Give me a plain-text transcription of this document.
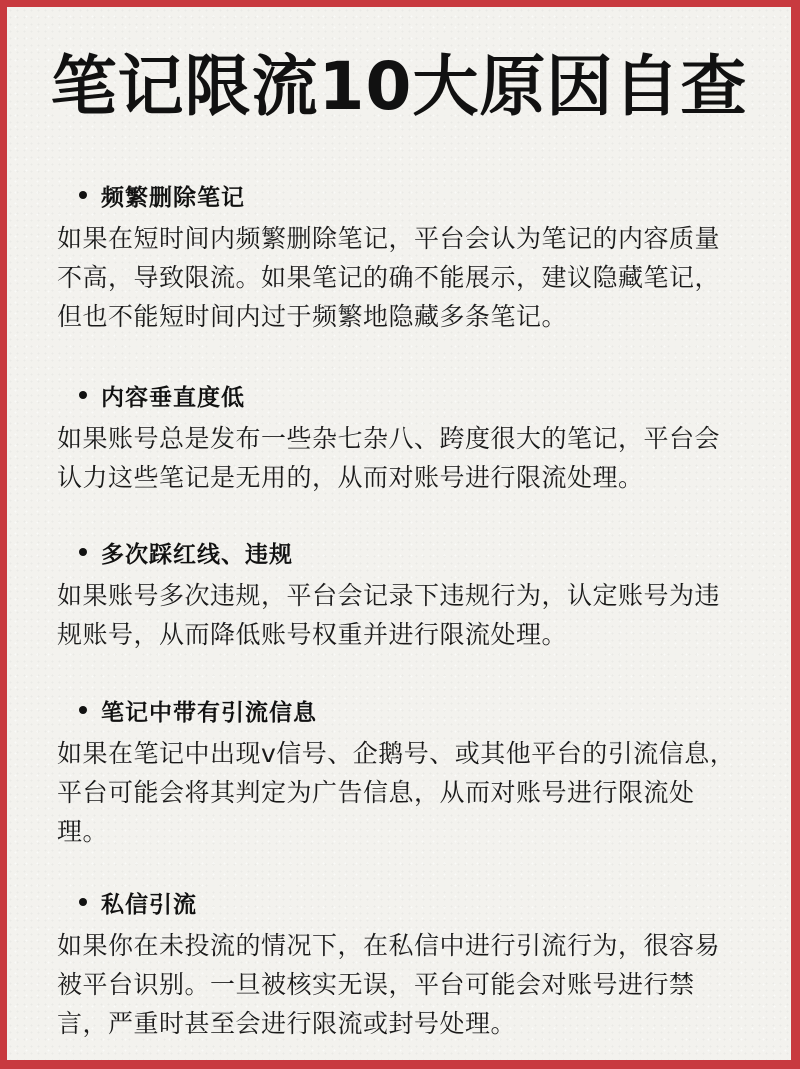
笔记限流10大原因自查
频繁删除笔记
如果在短时间内频繁删除笔记，平台会认为笔记的内容质量
不高，导致限流。如果笔记的确不能展示，建议隐藏笔记，
但也不能短时间内过于频繁地隐藏多条笔记。
内容垂直度低
如果账号总是发布一些杂七杂八、跨度很大的笔记，平台会
认力这些笔记是无用的，从而对账号进行限流处理。
多次踩红线、违规
如果账号多次违规，平台会记录下违规行为，认定账号为违
规账号，从而降低账号权重并进行限流处理。
笔记中带有引流信息
如果在笔记中出现v信号、企鹅号、或其他平台的引流信息，
平台可能会将其判定为广告信息，从而对账号进行限流处
理。
私信引流
如果你在未投流的情况下，在私信中进行引流行为，很容易
被平台识别。一旦被核实无误，平台可能会对账号进行禁
言，严重时甚至会进行限流或封号处理。
